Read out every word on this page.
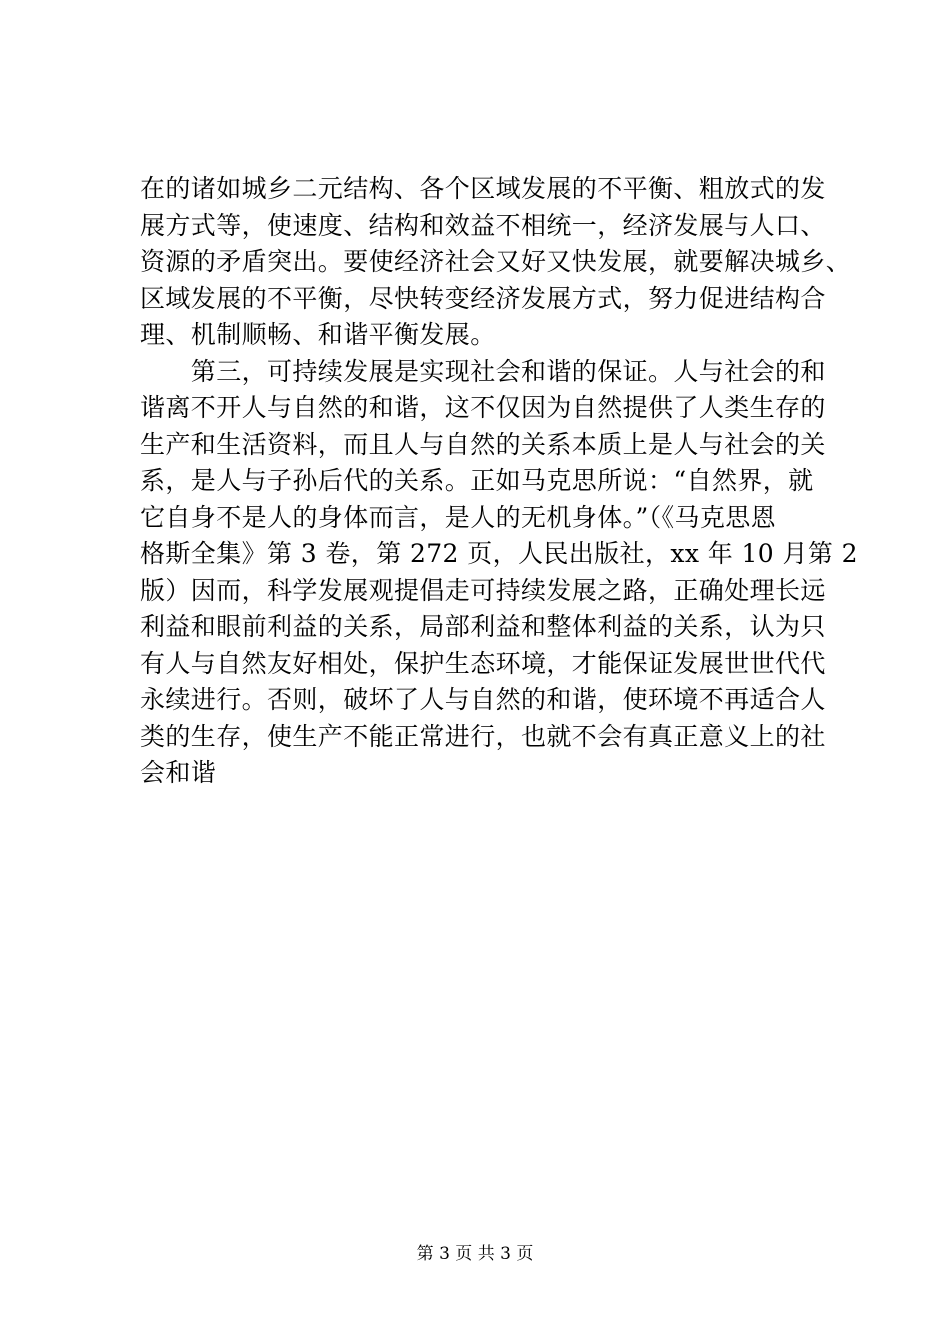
在的诸如城乡二元结构、各个区域发展的不平衡、粗放式的发
展方式等，使速度、结构和效益不相统一，经济发展与人口、
资源的矛盾突出。要使经济社会又好又快发展，就要解决城乡、
区域发展的不平衡，尽快转变经济发展方式，努力促进结构合
理、机制顺畅、和谐平衡发展。
　　第三，可持续发展是实现社会和谐的保证。人与社会的和
谐离不开人与自然的和谐，这不仅因为自然提供了人类生存的
生产和生活资料，而且人与自然的关系本质上是人与社会的关
系，是人与子孙后代的关系。正如马克思所说：“自然界，就
它自身不是人的身体而言，是人的无机身体。”（《马克思恩
格斯全集》第 3 卷，第 272 页，人民出版社，xx 年 10 月第 2
版）因而，科学发展观提倡走可持续发展之路，正确处理长远
利益和眼前利益的关系，局部利益和整体利益的关系，认为只
有人与自然友好相处，保护生态环境，才能保证发展世世代代
永续进行。否则，破坏了人与自然的和谐，使环境不再适合人
类的生存，使生产不能正常进行，也就不会有真正意义上的社
会和谐
第 3 页 共 3 页
